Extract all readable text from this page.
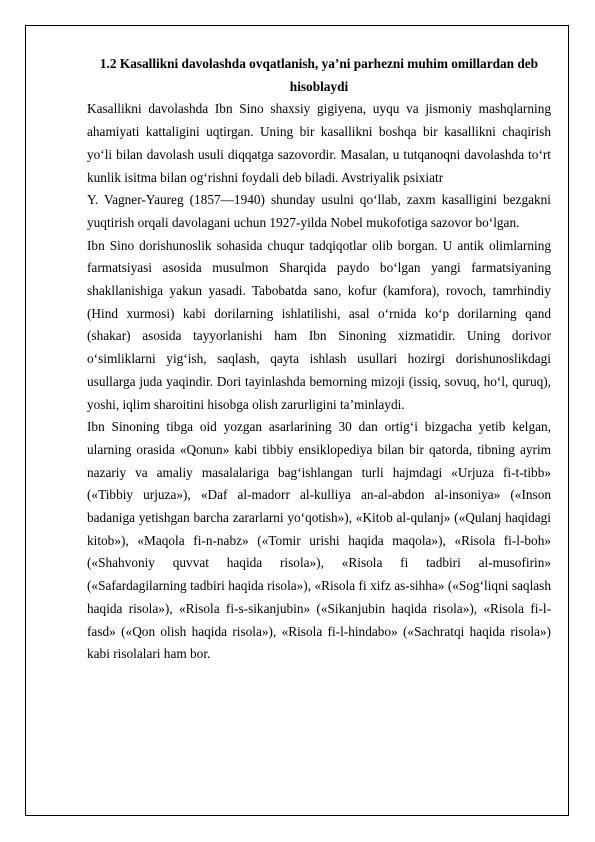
1.2 Kasallikni davolashda ovqatlanish, ya’ni parhezni muhim omillardan deb hisoblaydi

Kasallikni davolashda Ibn Sino shaxsiy gigiyena, uyqu va jismoniy mashqlarning ahamiyati kattaligini uqtirgan. Uning bir kasallikni boshqa bir kasallikni chaqirish yo‘li bilan davolash usuli diqqatga sazovordir. Masalan, u tutqanoqni davolashda to‘rt kunlik isitma bilan og‘rishni foydali deb biladi. Avstriyalik psixiatr

Y. Vagner-Yaureg (1857—1940) shunday usulni qo‘llab, zaxm kasalligini bezgakni yuqtirish orqali davolagani uchun 1927-yilda Nobel mukofotiga sazovor bo‘lgan.

Ibn Sino dorishunoslik sohasida chuqur tadqiqotlar olib borgan. U antik olimlarning farmatsiyasi asosida musulmon Sharqida paydo bo‘lgan yangi farmatsiyaning shakllanishiga yakun yasadi. Tabobatda sano, kofur (kamfora), rovoch, tamrhindiy (Hind xurmosi) kabi dorilarning ishlatilishi, asal o‘rnida ko‘p dorilarning qand (shakar) asosida tayyorlanishi ham Ibn Sinoning xizmatidir. Uning dorivor o‘simliklarni yig‘ish, saqlash, qayta ishlash usullari hozirgi dorishunoslikdagi usullarga juda yaqindir. Dori tayinlashda bemorning mizoji (issiq, sovuq, ho‘l, quruq), yoshi, iqlim sharoitini hisobga olish zarurligini ta’minlaydi.

Ibn Sinoning tibga oid yozgan asarlarining 30 dan ortig‘i bizgacha yetib kelgan, ularning orasida «Qonun» kabi tibbiy ensiklopediya bilan bir qatorda, tibning ayrim nazariy va amaliy masalalariga bag‘ishlangan turli hajmdagi «Urjuza fi-t-tibb» («Tibbiy urjuza»), «Daf al-madorr al-kulliya an-al-abdon al-insoniya» («Inson badaniga yetishgan barcha zararlarni yo‘qotish»), «Kitob al-qulanj» («Qulanj haqidagi kitob»), «Maqola fi-n-nabz» («Tomir urishi haqida maqola»), «Risola fi-l-boh» («Shahvoniy quvvat haqida risola»), «Risola fi tadbiri al-musofirin» («Safardagilarning tadbiri haqida risola»), «Risola fi xifz as-sihha» («Sog‘liqni saqlash haqida risola»), «Risola fi-s-sikanjubin» («Sikanjubin haqida risola»), «Risola fi-l- fasd» («Qon olish haqida risola»), «Risola fi-l-hindabo» («Sachratqi haqida risola») kabi risolalari ham bor.
